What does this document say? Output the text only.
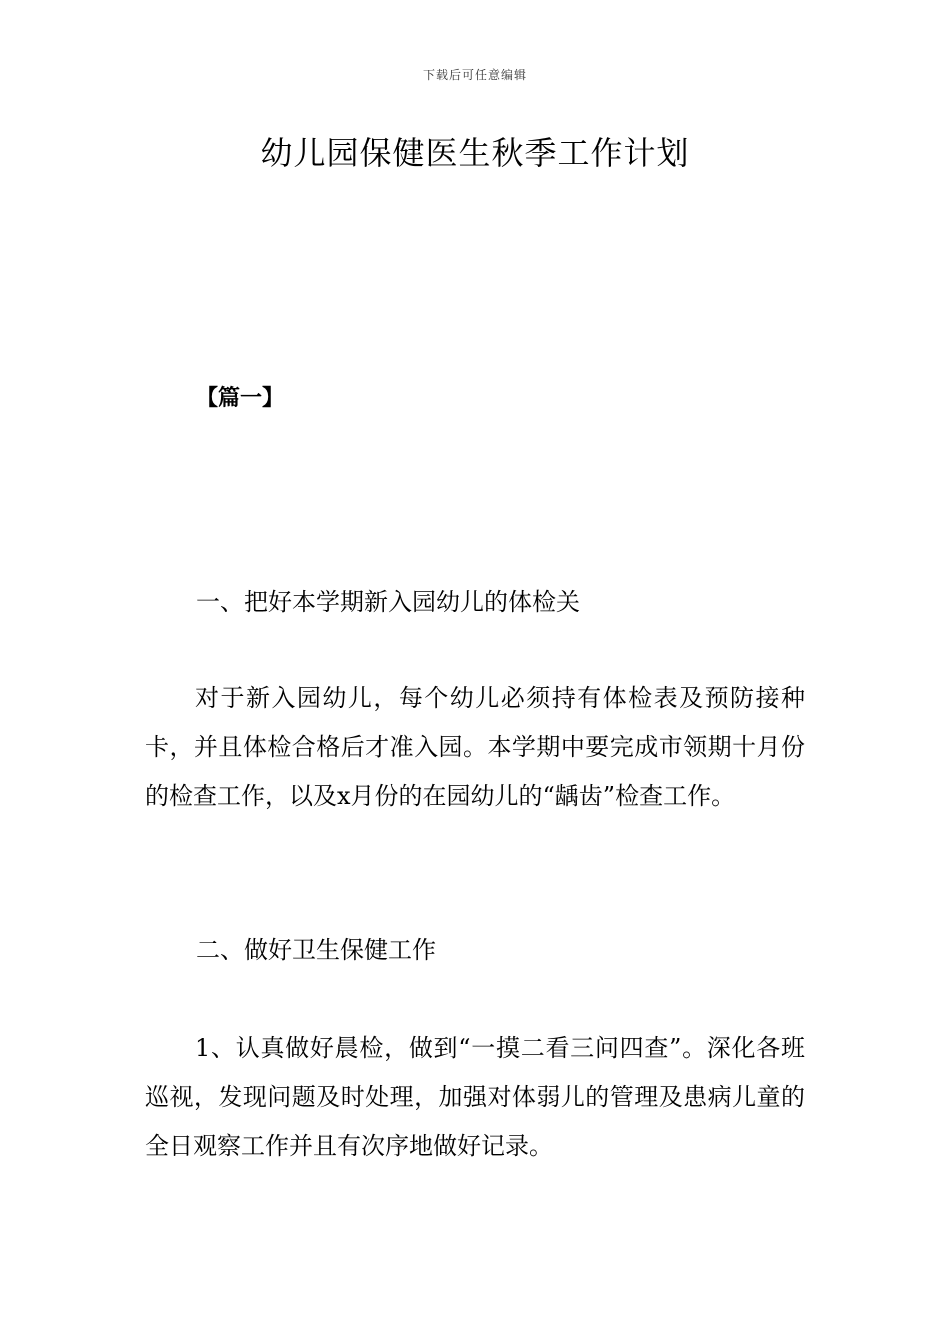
下载后可任意编辑
幼儿园保健医生秋季工作计划
【篇一】
一、把好本学期新入园幼儿的体检关

对于新入园幼儿，每个幼儿必须持有体检表及预防接种卡，并且体检合格后才准入园。本学期中要完成市领期十月份的检查工作，以及x月份的在园幼儿的“龋齿”检查工作。

二、做好卫生保健工作

1、认真做好晨检，做到“一摸二看三问四查”。深化各班巡视，发现问题及时处理，加强对体弱儿的管理及患病儿童的全日观察工作并且有次序地做好记录。
